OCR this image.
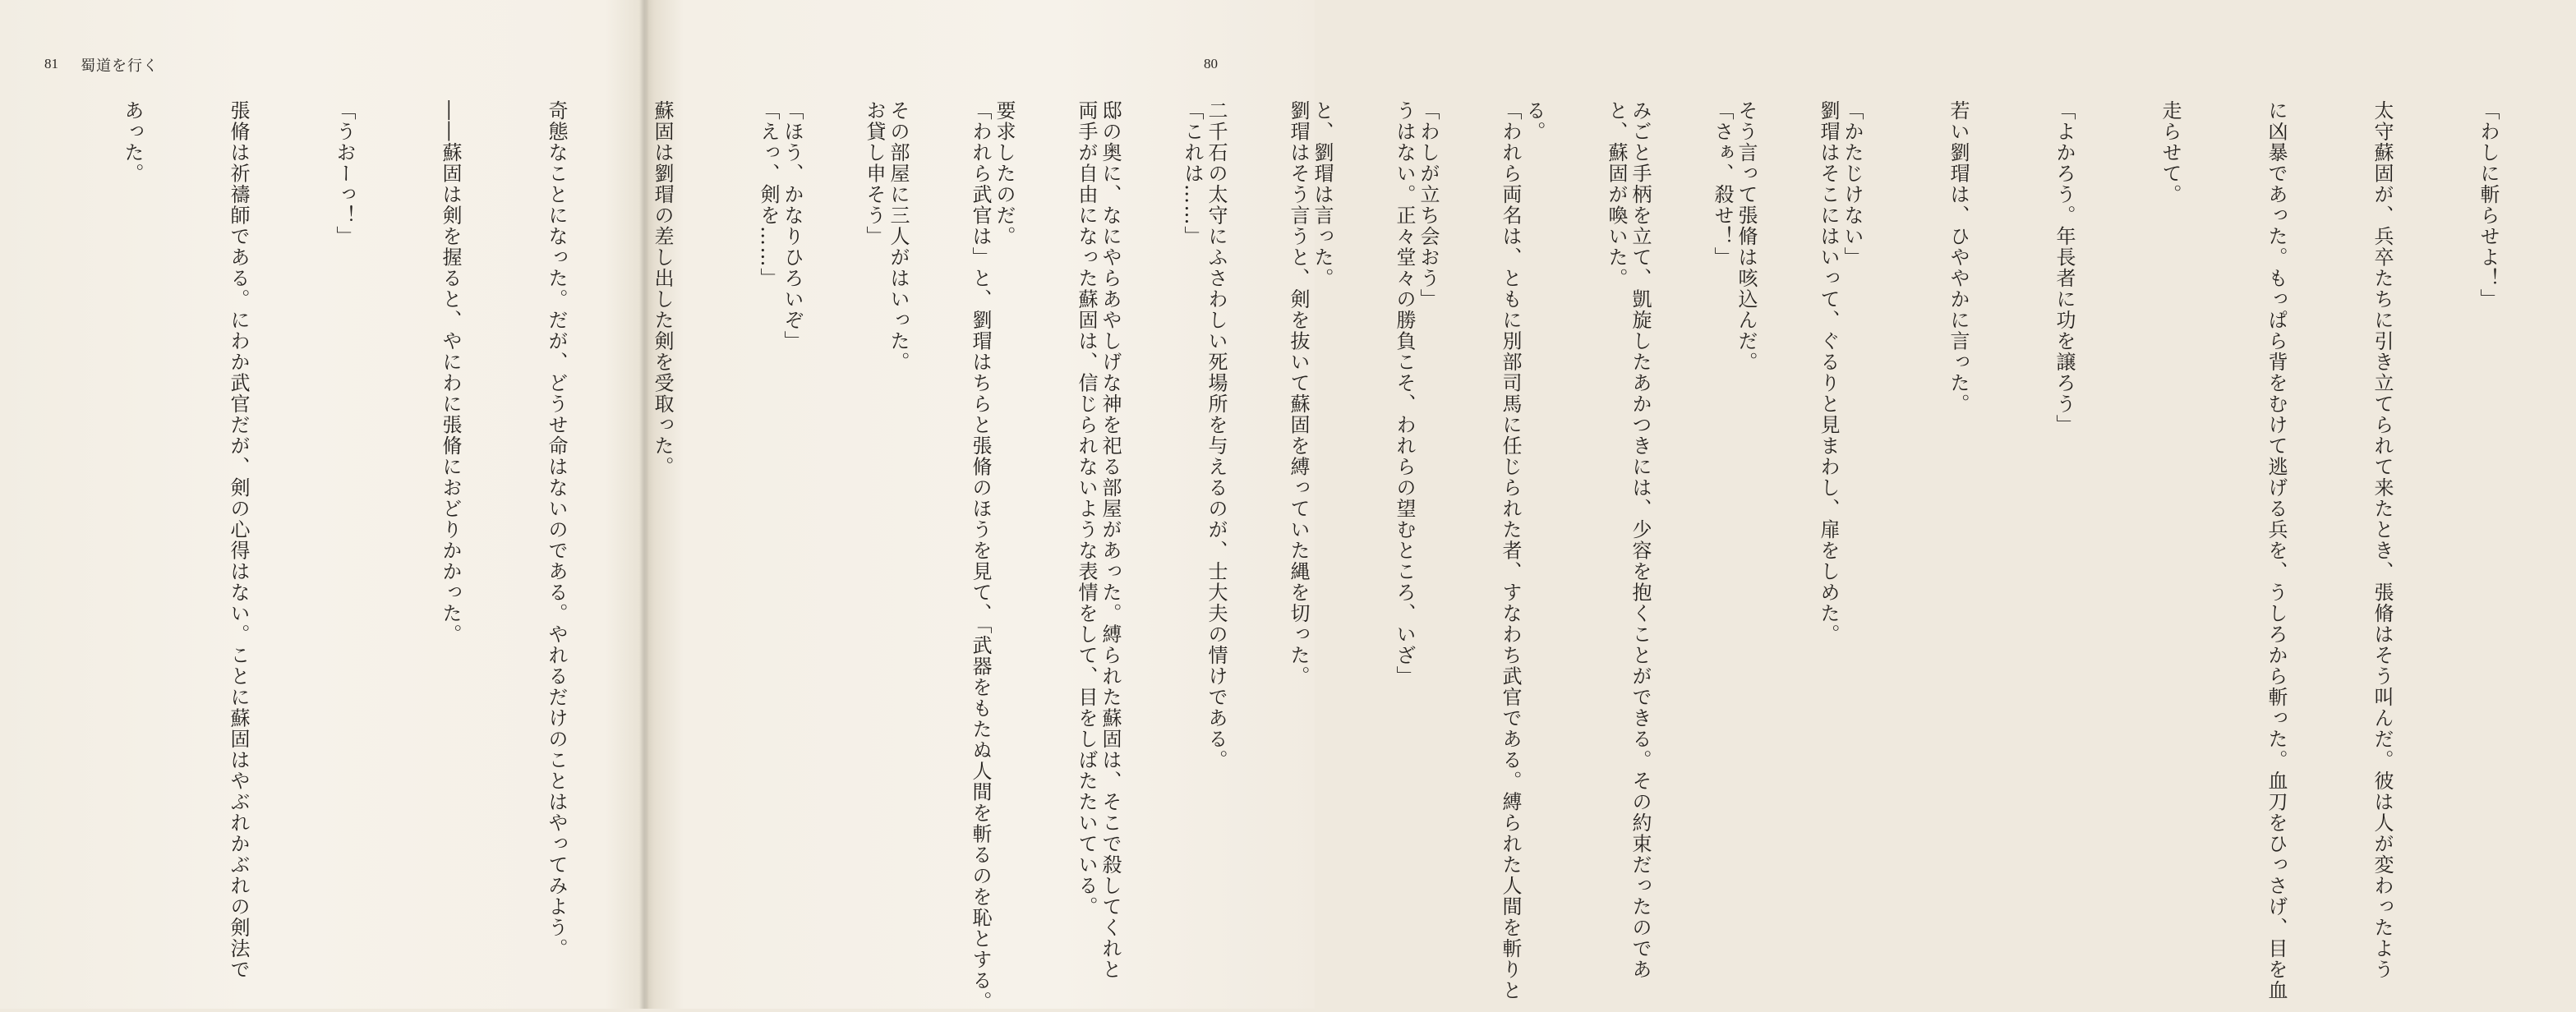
81 蜀道を行く

劉瑁はそこにはいって、ぐるりと見まわし、扉をしめた。

「さぁ、殺せ！」

と、蘇固が喚いた。

「われら両名は、ともに別部司馬に任じられた者、すなわち武官である。縛られた人間を斬りと

うはない。正々堂々の勝負こそ、われらの望むところ、いざ」

劉瑁はそう言うと、剣を抜いて蘇固を縛っていた縄を切った。

「これは……」

両手が自由になった蘇固は、信じられないような表情をして、目をしばたたいている。

「われら武官は」と、劉瑁はちらと張脩のほうを見て、「武器をもたぬ人間を斬るのを恥とする。

お貸し申そう」

「えっ、剣を……」

蘇固は劉瑁の差し出した剣を受取った。

奇態なことになった。だが、どうせ命はないのである。やれるだけのことはやってみよう。

――蘇固は剣を握ると、やにわに張脩におどりかかった。

「うおーっ！」

張脩は祈禱師である。にわか武官だが、剣の心得はない。ことに蘇固はやぶれかぶれの剣法で

あった。

80

「わしに斬らせよ！」

太守蘇固が、兵卒たちに引き立てられて来たとき、張脩はそう叫んだ。彼は人が変わったよう

に凶暴であった。もっぱら背をむけて逃げる兵を、うしろから斬った。血刀をひっさげ、目を血

走らせて。

「よかろう。年長者に功を譲ろう」

若い劉瑁は、ひややかに言った。

「かたじけない」

そう言って張脩は咳込んだ。

みごと手柄を立て、凱旋したあかつきには、少容を抱くことができる。その約束だったのであ

る。

「わしが立ち会おう」

と、劉瑁は言った。

二千石の太守にふさわしい死場所を与えるのが、士大夫の情けである。

邸の奥に、なにやらあやしげな神を祀る部屋があった。縛られた蘇固は、そこで殺してくれと

要求したのだ。

その部屋に三人がはいった。

「ほう、かなりひろいぞ」
